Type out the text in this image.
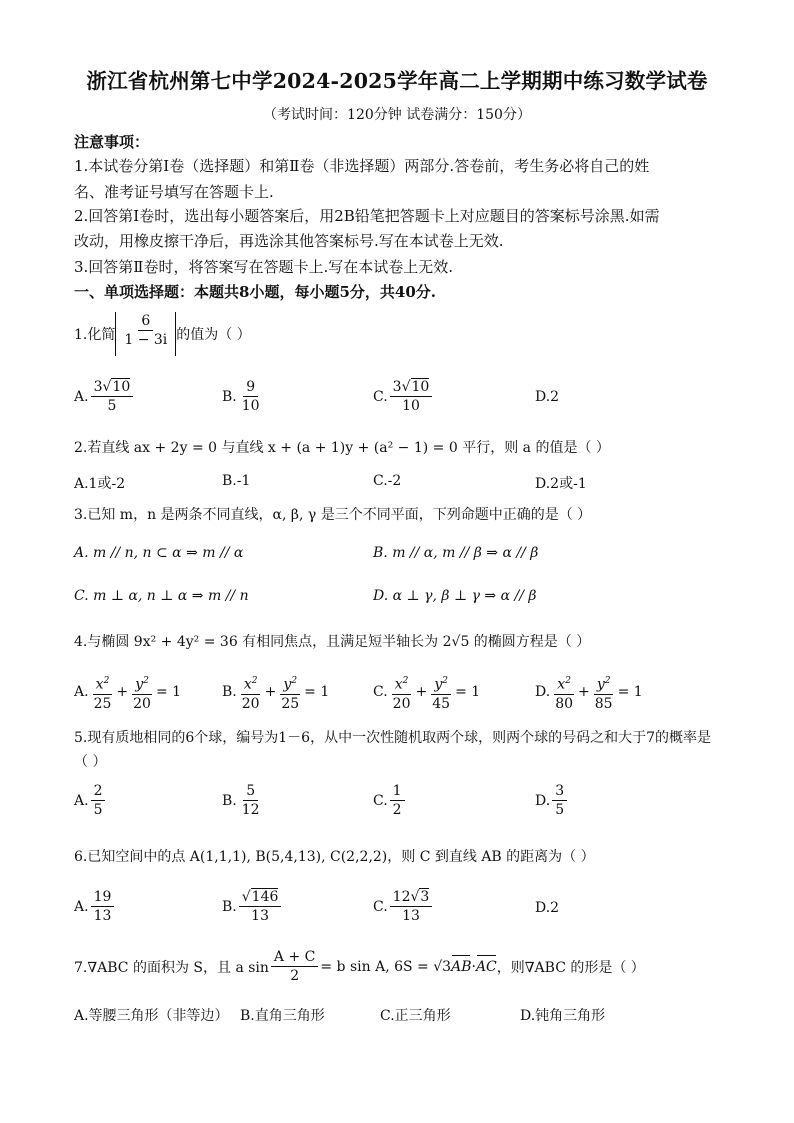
浙江省杭州第七中学2024-2025学年高二上学期期中练习数学试卷
（考试时间：120分钟 试卷满分：150分）
注意事项：
1.本试卷分第Ⅰ卷（选择题）和第Ⅱ卷（非选择题）两部分.答卷前，考生务必将自己的姓
名、准考证号填写在答题卡上.
2.回答第Ⅰ卷时，选出每小题答案后，用2B铅笔把答题卡上对应题目的答案标号涂黑.如需
改动，用橡皮擦干净后，再选涂其他答案标号.写在本试卷上无效.
3.回答第Ⅱ卷时，将答案写在答题卡上.写在本试卷上无效.
一、单项选择题：本题共8小题，每小题5分，共40分.
1.化简 $\frac{6}{1 - 3i}$ 的值为（ ）
A. $\frac{3√10}{5}$	B. $\frac{9}{10}$	C. $\frac{3√10}{10}$	D.2
2.若直线 ax + 2y = 0 与直线 x + (a + 1)y + (a² − 1) = 0 平行，则 a 的值是（ ）
A.1或-2	B.-1	C.-2	D.2或-1
3.已知 m，n 是两条不同直线，α, β, γ 是三个不同平面，下列命题中正确的是（ ）
A. m // n, n ⊂ α ⇒ m // α	B. m // α, m // β ⇒ α // β
C. m ⊥ α, n ⊥ α ⇒ m // n	D. α ⊥ γ, β ⊥ γ ⇒ α // β
4.与椭圆 9x² + 4y² = 36 有相同焦点，且满足短半轴长为 2√5 的椭圆方程是（ ）
A. $\frac{x^2}{25} + \frac{y^2}{20} = 1$	B. $\frac{x^2}{20} + \frac{y^2}{25} = 1$	C. $\frac{x^2}{20} + \frac{y^2}{45} = 1$	D. $\frac{x^2}{80} + \frac{y^2}{85} = 1$
5.现有质地相同的6个球，编号为1－6，从中一次性随机取两个球，则两个球的号码之和大于7的概率是
（ ）
A. $\frac{2}{5}$	B. $\frac{5}{12}$	C. $\frac{1}{2}$	D. $\frac{3}{5}$
6.已知空间中的点 A(1,1,1), B(5,4,13), C(2,2,2)，则 C 到直线 AB 的距离为（ ）
A. $\frac{19}{13}$	B. $\frac{√146}{13}$	C. $\frac{12√3}{13}$	D.2
7.∇ABC 的面积为 S，且 a $\sin \frac{A + C}{2} = b$ sin A, 6S = √3 AB · AC ，则∇ABC 的形是（ ）
A.等腰三角形（非等边） B.直角三角形	C.正三角形	D.钝角三角形
